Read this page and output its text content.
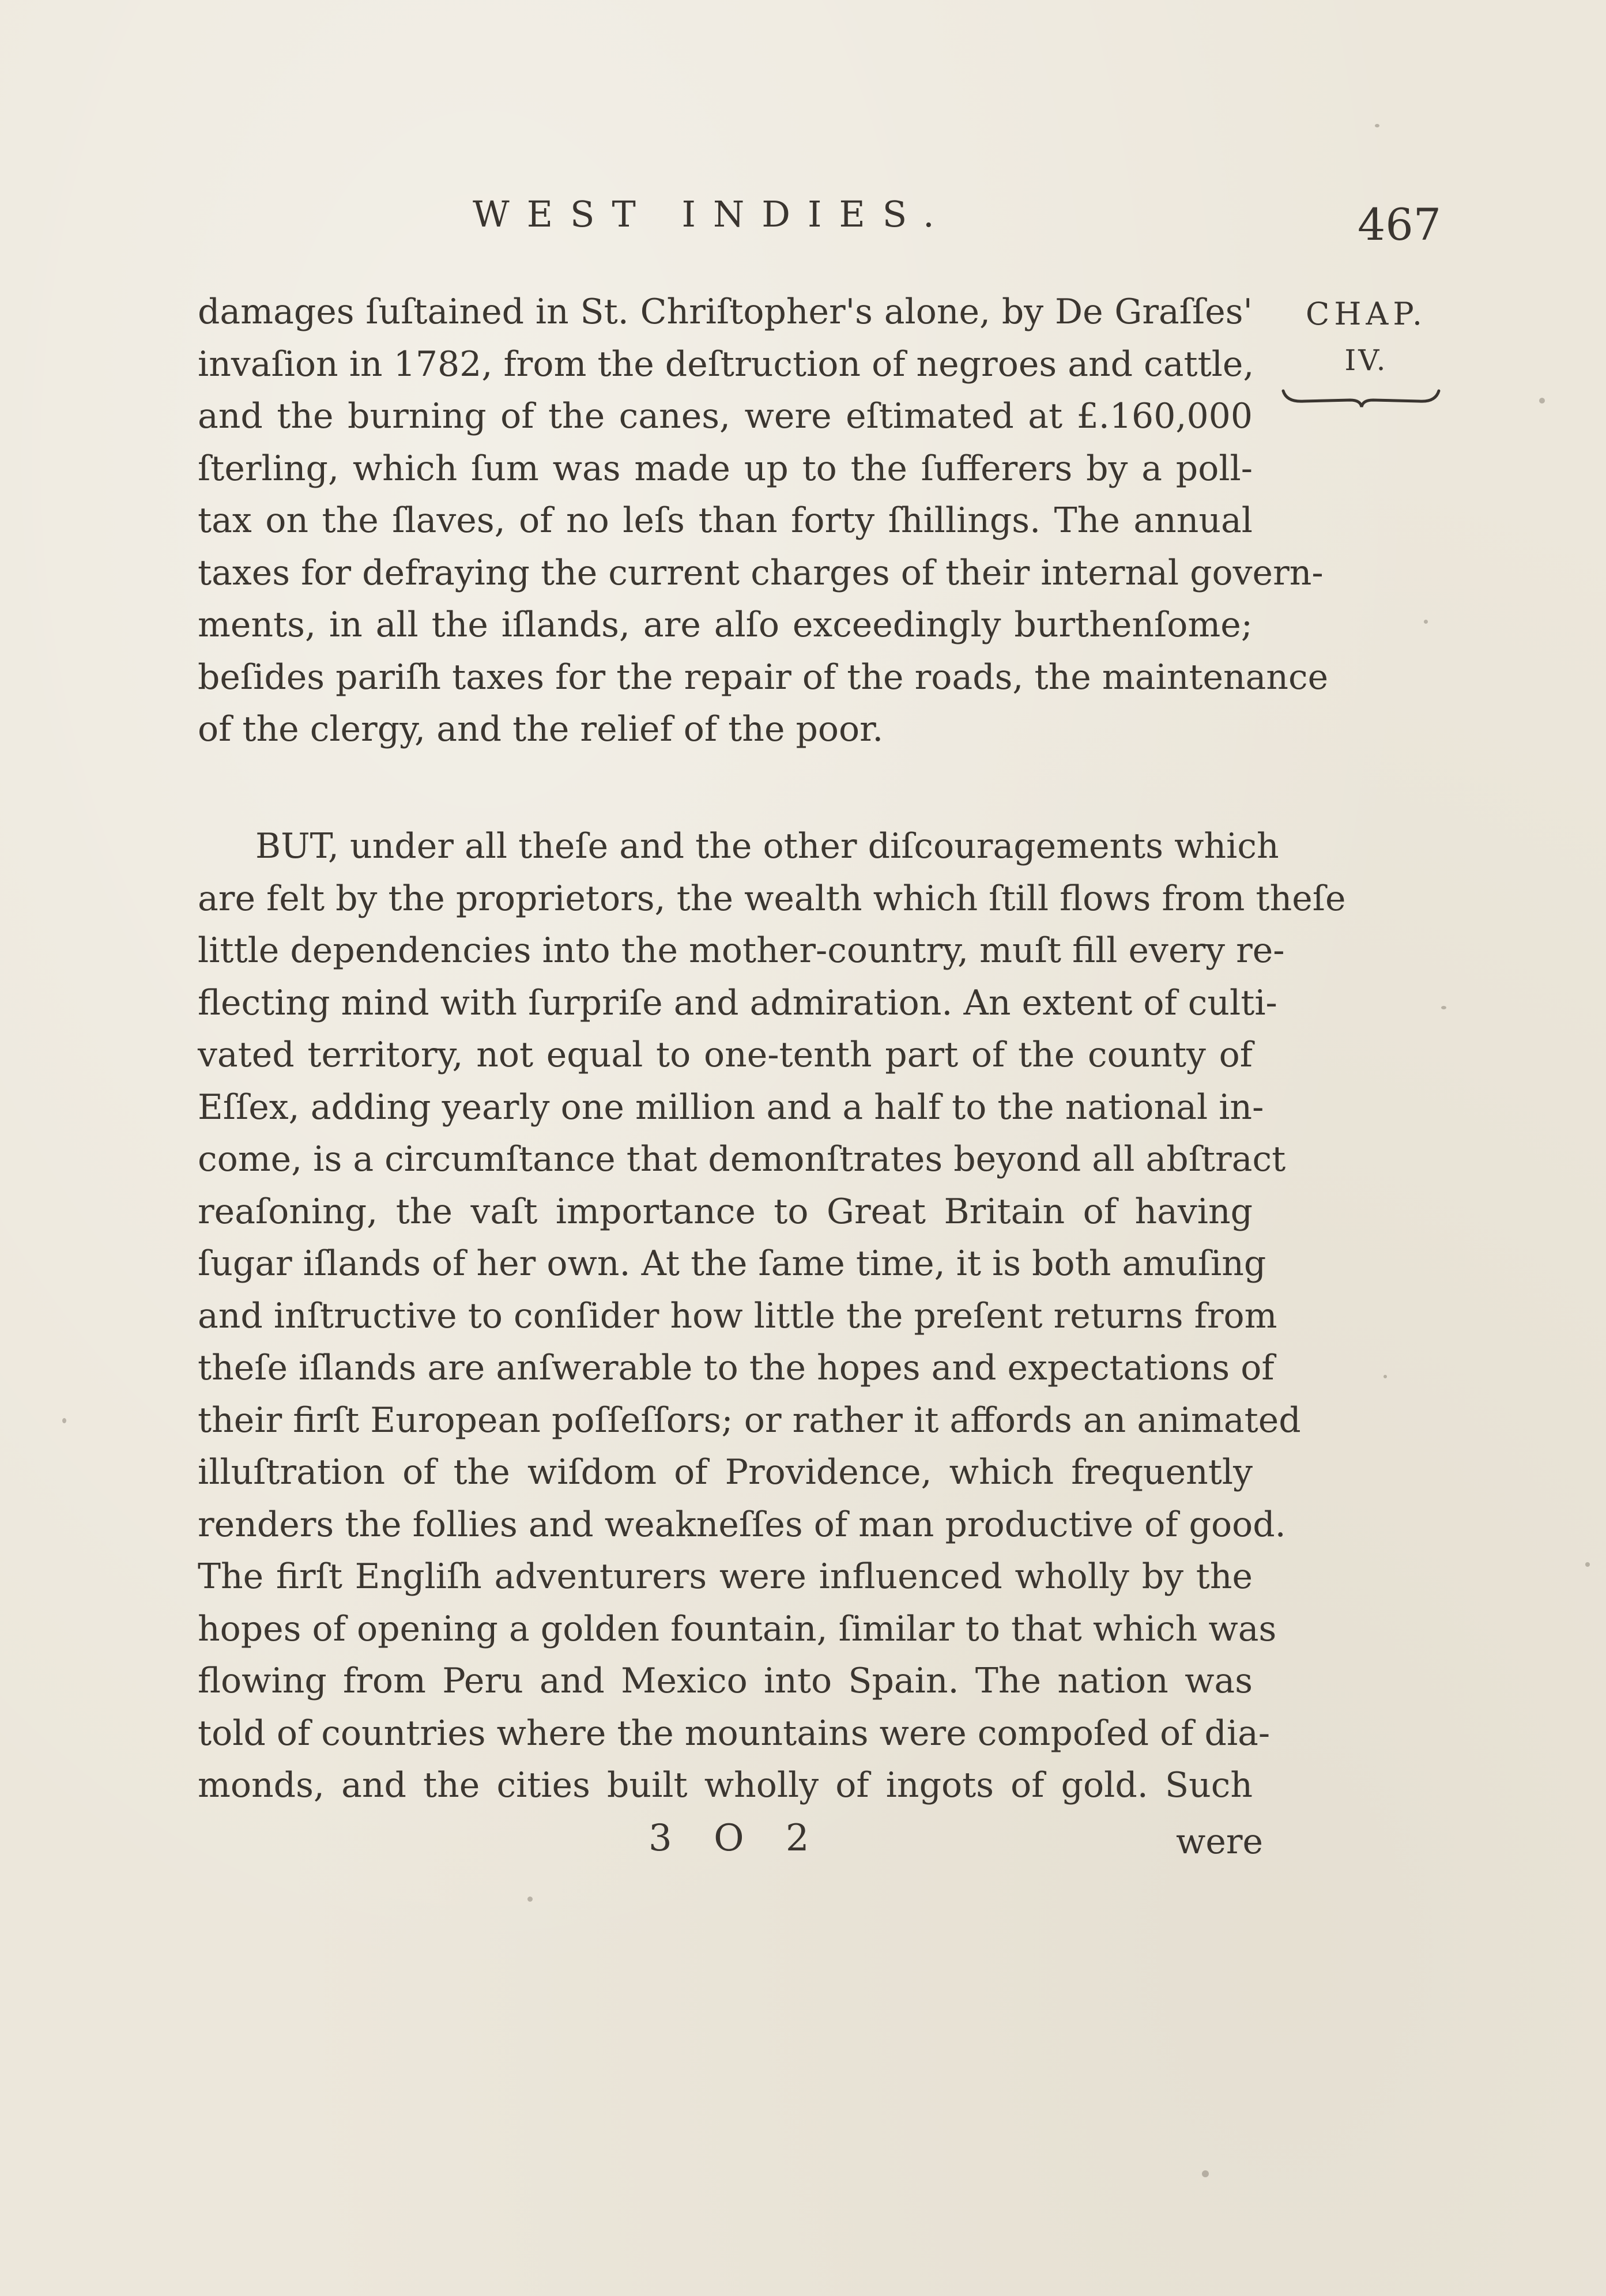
WEST INDIES.	467
CHAP.
IV.
damages ſuſtained in St. Chriſtopher's alone, by De Graſſes'
invaſion in 1782, from the deſtruction of negroes and cattle,
and the burning of the canes, were eſtimated at £.160,000
ſterling, which ſum was made up to the ſufferers by a poll-
tax on the ſlaves, of no leſs than forty ſhillings. The annual
taxes for defraying the current charges of their internal govern-
ments, in all the iſlands, are alſo exceedingly burthenſome;
beſides pariſh taxes for the repair of the roads, the maintenance
of the clergy, and the relief of the poor.
BUT, under all theſe and the other diſcouragements which
are felt by the proprietors, the wealth which ſtill flows from theſe
little dependencies into the mother-country, muſt fill every re-
flecting mind with ſurpriſe and admiration. An extent of culti-
vated territory, not equal to one-tenth part of the county of
Eſſex, adding yearly one million and a half to the national in-
come, is a circumſtance that demonſtrates beyond all abſtract
reaſoning, the vaſt importance to Great Britain of having
ſugar iſlands of her own. At the ſame time, it is both amuſing
and inſtructive to conſider how little the preſent returns from
theſe iſlands are anſwerable to the hopes and expectations of
their firſt European poſſeſſors; or rather it affords an animated
illuſtration of the wiſdom of Providence, which frequently
renders the follies and weakneſſes of man productive of good.
The firſt Engliſh adventurers were influenced wholly by the
hopes of opening a golden fountain, ſimilar to that which was
flowing from Peru and Mexico into Spain. The nation was
told of countries where the mountains were compoſed of dia-
monds, and the cities built wholly of ingots of gold. Such
3 O 2	were
